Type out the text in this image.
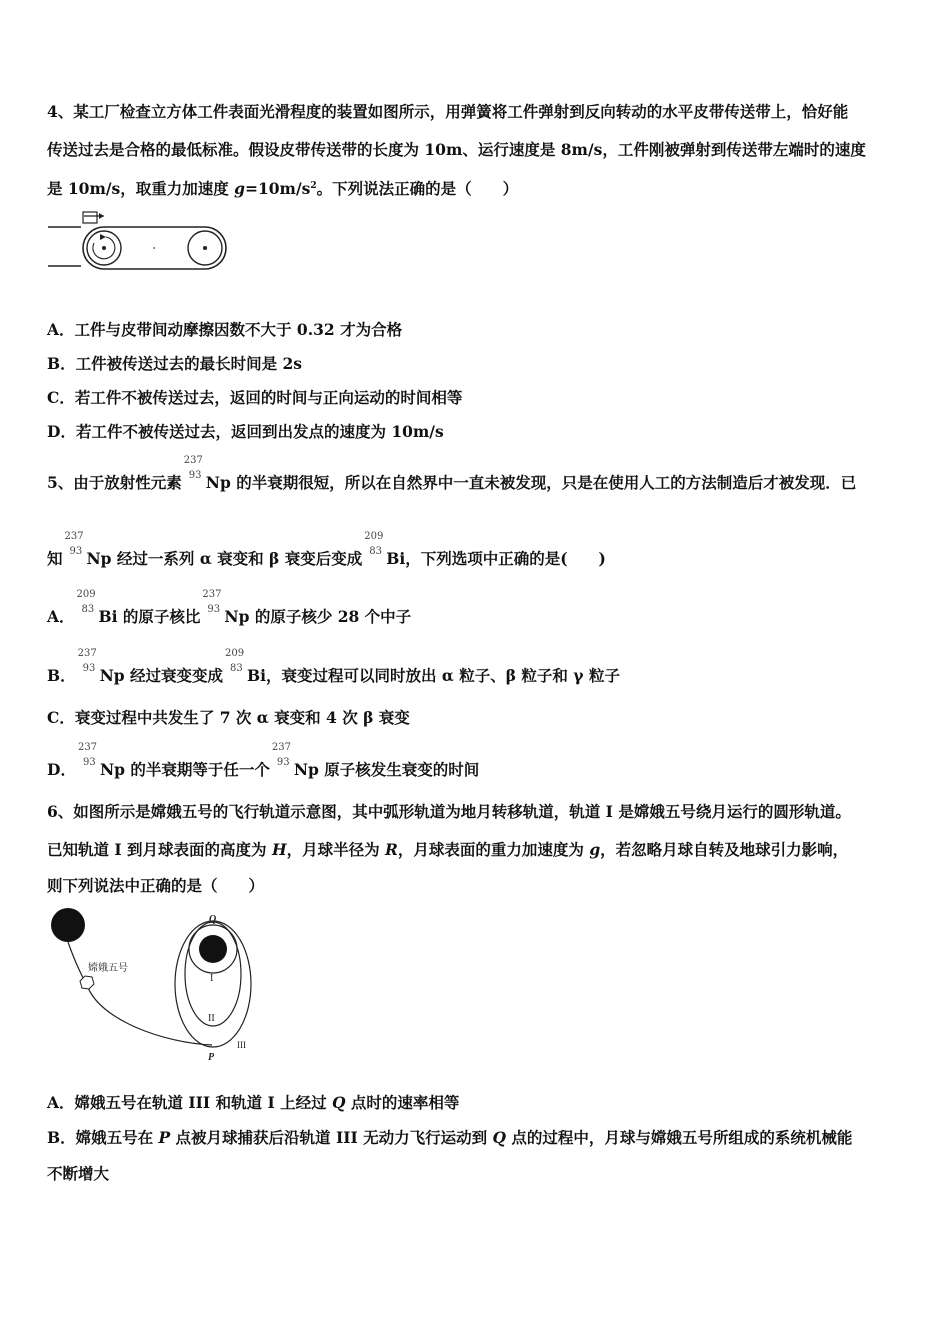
4、某工厂检查立方体工件表面光滑程度的装置如图所示，用弹簧将工件弹射到反向转动的水平皮带传送带上，恰好能
传送过去是合格的最低标准。假设皮带传送带的长度为 10m、运行速度是 8m/s，工件刚被弹射到传送带左端时的速度
是 10m/s，取重力加速度 $g=10m/s^2$。下列说法正确的是（　　）
A．工件与皮带间动摩擦因数不大于 0.32 才为合格
B．工件被传送过去的最长时间是 2s
C．若工件不被传送过去，返回的时间与正向运动的时间相等
D．若工件不被传送过去，返回到出发点的速度为 10m/s
5、由于放射性元素
237
93 Np 的半衰期很短，所以在自然界中一直未被发现，只是在使用人工的方法制造后才被发现．已
知
237
93 Np 经过一系列 α 衰变和 β 衰变后变成
209
83 Bi，下列选项中正确的是(　　)
A．
209
83 Bi 的原子核比
237
93 Np 的原子核少 28 个中子
B．
237
93 Np 经过衰变变成
209
83 Bi，衰变过程可以同时放出 α 粒子、β 粒子和 γ 粒子
C．衰变过程中共发生了 7 次 α 衰变和 4 次 β 衰变
D．
237
93 Np 的半衰期等于任一个
237
93 Np 原子核发生衰变的时间
6、如图所示是嫦娥五号的飞行轨道示意图，其中弧形轨道为地月转移轨道，轨道 I 是嫦娥五号绕月运行的圆形轨道。
已知轨道 I 到月球表面的高度为 H，月球半径为 R，月球表面的重力加速度为 g，若忽略月球自转及地球引力影响，
则下列说法中正确的是（　　）
嫦娥五号
Q
I
II
III
P
A．嫦娥五号在轨道 III 和轨道 I 上经过 Q 点时的速率相等
B．嫦娥五号在 P 点被月球捕获后沿轨道 III 无动力飞行运动到 Q 点的过程中，月球与嫦娥五号所组成的系统机械能
不断增大
